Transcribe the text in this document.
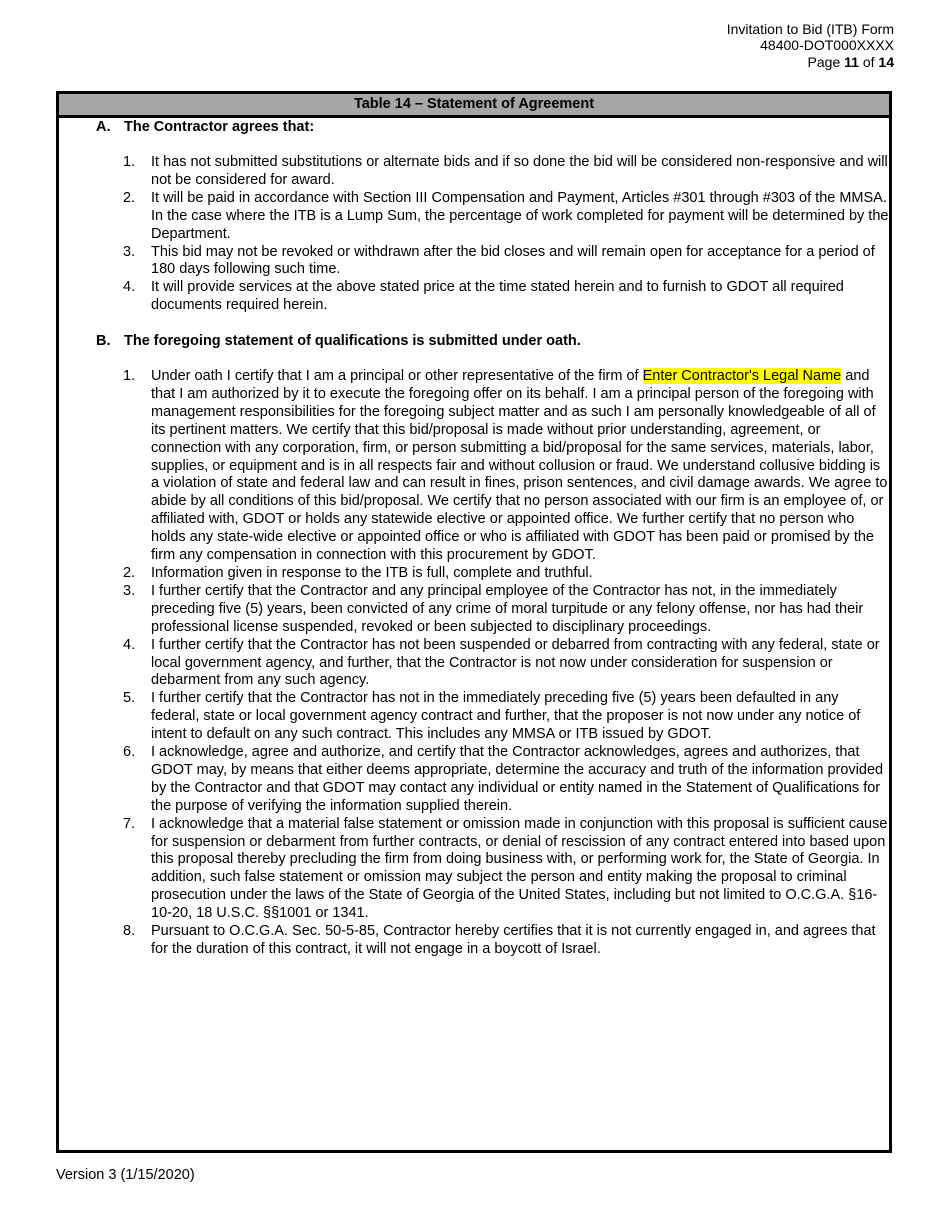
Invitation to Bid (ITB) Form
48400-DOT000XXXX
Page 11 of 14
Table 14 – Statement of Agreement
A. The Contractor agrees that:
1. It has not submitted substitutions or alternate bids and if so done the bid will be considered non-responsive and will not be considered for award.
2. It will be paid in accordance with Section III Compensation and Payment, Articles #301 through #303 of the MMSA. In the case where the ITB is a Lump Sum, the percentage of work completed for payment will be determined by the Department.
3. This bid may not be revoked or withdrawn after the bid closes and will remain open for acceptance for a period of 180 days following such time.
4. It will provide services at the above stated price at the time stated herein and to furnish to GDOT all required documents required herein.
B. The foregoing statement of qualifications is submitted under oath.
1. Under oath I certify that I am a principal or other representative of the firm of Enter Contractor's Legal Name and that I am authorized by it to execute the foregoing offer on its behalf. I am a principal person of the foregoing with management responsibilities for the foregoing subject matter and as such I am personally knowledgeable of all of its pertinent matters. We certify that this bid/proposal is made without prior understanding, agreement, or connection with any corporation, firm, or person submitting a bid/proposal for the same services, materials, labor, supplies, or equipment and is in all respects fair and without collusion or fraud. We understand collusive bidding is a violation of state and federal law and can result in fines, prison sentences, and civil damage awards. We agree to abide by all conditions of this bid/proposal. We certify that no person associated with our firm is an employee of, or affiliated with, GDOT or holds any statewide elective or appointed office. We further certify that no person who holds any state-wide elective or appointed office or who is affiliated with GDOT has been paid or promised by the firm any compensation in connection with this procurement by GDOT.
2. Information given in response to the ITB is full, complete and truthful.
3. I further certify that the Contractor and any principal employee of the Contractor has not, in the immediately preceding five (5) years, been convicted of any crime of moral turpitude or any felony offense, nor has had their professional license suspended, revoked or been subjected to disciplinary proceedings.
4. I further certify that the Contractor has not been suspended or debarred from contracting with any federal, state or local government agency, and further, that the Contractor is not now under consideration for suspension or debarment from any such agency.
5. I further certify that the Contractor has not in the immediately preceding five (5) years been defaulted in any federal, state or local government agency contract and further, that the proposer is not now under any notice of intent to default on any such contract. This includes any MMSA or ITB issued by GDOT.
6. I acknowledge, agree and authorize, and certify that the Contractor acknowledges, agrees and authorizes, that GDOT may, by means that either deems appropriate, determine the accuracy and truth of the information provided by the Contractor and that GDOT may contact any individual or entity named in the Statement of Qualifications for the purpose of verifying the information supplied therein.
7. I acknowledge that a material false statement or omission made in conjunction with this proposal is sufficient cause for suspension or debarment from further contracts, or denial of rescission of any contract entered into based upon this proposal thereby precluding the firm from doing business with, or performing work for, the State of Georgia. In addition, such false statement or omission may subject the person and entity making the proposal to criminal prosecution under the laws of the State of Georgia of the United States, including but not limited to O.C.G.A. §16-10-20, 18 U.S.C. §§1001 or 1341.
8. Pursuant to O.C.G.A. Sec. 50-5-85, Contractor hereby certifies that it is not currently engaged in, and agrees that for the duration of this contract, it will not engage in a boycott of Israel.
Version 3 (1/15/2020)
